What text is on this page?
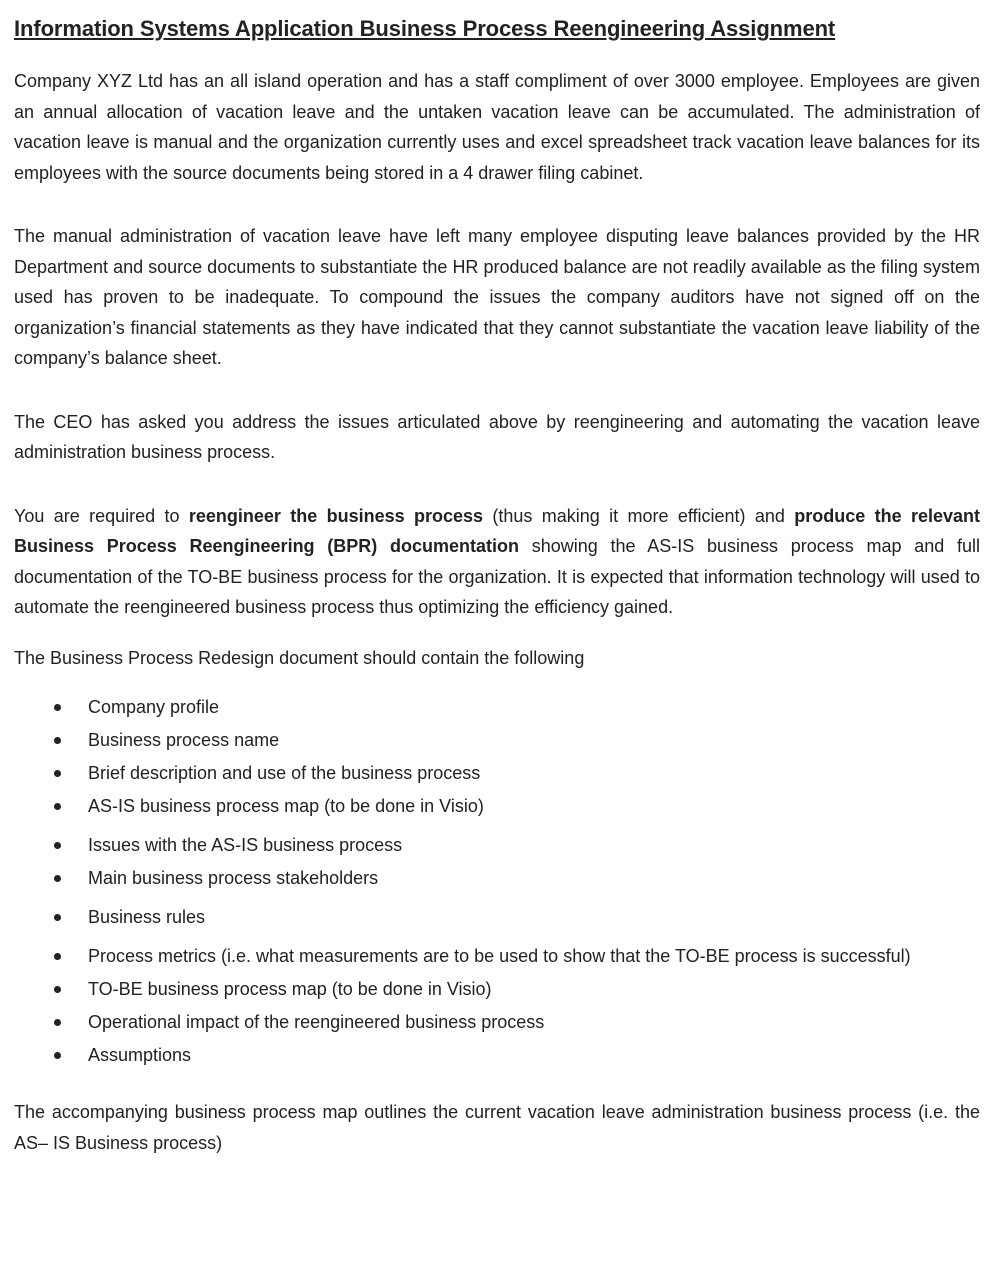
Information Systems Application Business Process Reengineering Assignment

Company XYZ Ltd has an all island operation and has a staff compliment of over 3000 employee. Employees are given an annual allocation of vacation leave and the untaken vacation leave can be accumulated. The administration of vacation leave is manual and the organization currently uses and excel spreadsheet track vacation leave balances for its employees with the source documents being stored in a 4 drawer filing cabinet.

The manual administration of vacation leave have left many employee disputing leave balances provided by the HR Department and source documents to substantiate the HR produced balance are not readily available as the filing system used has proven to be inadequate. To compound the issues the company auditors have not signed off on the organization’s financial statements as they have indicated that they cannot substantiate the vacation leave liability of the company’s balance sheet.

The CEO has asked you address the issues articulated above by reengineering and automating the vacation leave administration business process.

You are required to reengineer the business process (thus making it more efficient) and produce the relevant Business Process Reengineering (BPR) documentation showing the AS-IS business process map and full documentation of the TO-BE business process for the organization. It is expected that information technology will used to automate the reengineered business process thus optimizing the efficiency gained.

The Business Process Redesign document should contain the following

Company profile
Business process name
Brief description and use of the business process
AS-IS business process map (to be done in Visio)
Issues with the AS-IS business process
Main business process stakeholders
Business rules
Process metrics (i.e. what measurements are to be used to show that the TO-BE process is successful)
TO-BE business process map (to be done in Visio)
Operational impact of the reengineered business process
Assumptions

The accompanying business process map outlines the current vacation leave administration business process (i.e. the AS– IS Business process)
